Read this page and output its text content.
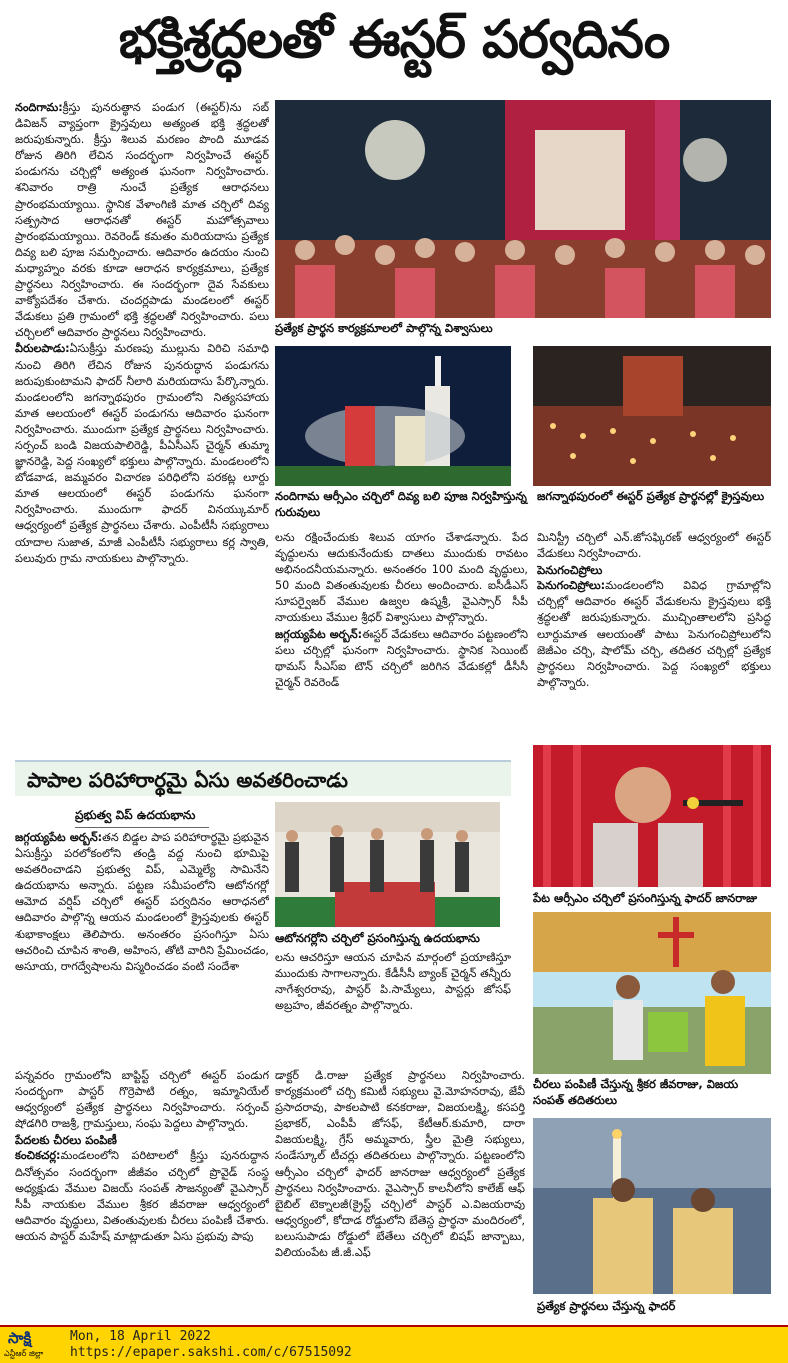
భక్తిశ్రద్ధలతో ఈస్టర్ పర్వదినం

నందిగామ:క్రీస్తు పునరుత్థాన పండుగ (ఈస్టర్)ను సబ్ డివిజన్ వ్యాప్తంగా క్రైస్తవులు అత్యంత భక్తి శ్రద్ధలతో జరుపుకున్నారు. క్రీస్తు శిలువ మరణం పొంది మూడవ రోజున తిరిగి లేచిన సందర్భంగా నిర్వహించే ఈస్టర్ పండుగను చర్చిల్లో అత్యంత ఘనంగా నిర్వహించారు. శనివారం రాత్రి నుంచే ప్రత్యేక ఆరాధనలు ప్రారంభమయ్యాయి. స్థానిక వేళాంగిణి మాత చర్చిలో దివ్య సత్ప్రసాద ఆరాధనతో ఈస్టర్ మహోత్సవాలు ప్రారంభమయ్యాయి. రెవరెండ్ కమతం మరియదాసు ప్రత్యేక దివ్య బలి పూజ సమర్పించారు. ఆదివారం ఉదయం నుంచి మధ్యాహ్నం వరకు కూడా ఆరాధన కార్యక్రమాలు, ప్రత్యేక ప్రార్థనలు నిర్వహించారు. ఈ సందర్భంగా దైవ సేవకులు వాక్యోపదేశం చేశారు. చందర్లపాడు మండలంలో ఈస్టర్ వేడుకలు ప్రతి గ్రామంలో భక్తి శ్రద్ధలతో నిర్వహించారు. పలు చర్చిలలో ఆదివారం ప్రార్థనలు నిర్వహించారు.

వీరులపాడు:ఏసుక్రీస్తు మరణపు ముల్లును విరిచి సమాధి నుంచి తిరిగి లేచిన రోజున పునరుద్ధాన పండుగను జరుపుకుంటామని ఫాదర్ నీలారి మరియదాసు పేర్కొన్నారు. మండలంలోని జగన్నాథపురం గ్రామంలోని నిత్యసహాయ మాత ఆలయంలో ఈస్టర్ పండుగను ఆదివారం ఘనంగా నిర్వహించారు. ముందుగా ప్రత్యేక ప్రార్థనలు నిర్వహించారు. సర్పంచ్ బండి విజయపాలిరెడ్డి, పీఏసీఎస్ చైర్మన్ తుమ్మా జ్ఞానరెడ్డి, పెద్ద సంఖ్యలో భక్తులు పాల్గొన్నారు. మండలంలోని బోడవాడ, జమ్మవరం విచారణ పరిధిలోని పరకట్ల లూర్దు మాత ఆలయంలో ఈస్టర్ పండుగను ఘనంగా నిర్వహించారు. ముందుగా ఫాదర్ వినయ్కుమార్ ఆధ్వర్యంలో ప్రత్యేక ప్రార్థనలు చేశారు. ఎంపీటీసీ సభ్యురాలు యాదాల సుజాత, మాజీ ఎంపీటీసీ సభ్యురాలు కర్ల స్వాతి, పలువురు గ్రామ నాయకులు పాల్గొన్నారు.

ప్రత్యేక ప్రార్థన కార్యక్రమాలలో పాల్గొన్న విశ్వాసులు
నందిగామ ఆర్సీఎం చర్చిలో దివ్య బలి పూజ నిర్వహిస్తున్న గురువులు
జగన్నాథపురంలో ఈస్టర్ ప్రత్యేక ప్రార్థనల్లో క్రైస్తవులు

లను రక్షించేందుకు శిలువ యాగం చేశాడన్నారు. పేద వృద్ధులను ఆదుకునేందుకు దాతలు ముందుకు రావటం అభినందనీయమన్నారు. అనంతరం 100 మంది వృద్ధులు, 50 మంది వితంతువులకు చీరలు అందించారు. ఐసీడీఎస్ సూపర్వైజర్ వేముల ఉజ్వల ఉష్మశ్రీ, వైఎస్సార్ సీపీ నాయకులు వేముల శ్రీధర్ విశ్వాసులు పాల్గొన్నారు.

జగ్గయ్యపేట అర్బన్:ఈస్టర్ వేడుకలు ఆదివారం పట్టణంలోని పలు చర్చిల్లో ఘనంగా నిర్వహించారు. స్థానిక సెయింట్ థామస్ సీఎస్ఐ టౌన్ చర్చిలో జరిగిన వేడుకల్లో డీసీసీ చైర్మన్ రెవరెండ్

మినిస్ట్రీ చర్చిలో ఎన్.జోసఫ్కిరణ్ ఆధ్వర్యంలో ఈస్టర్ వేడుకలు నిర్వహించారు.

పెనుగంచిప్రోలు

పెనుగంచిప్రోలు:మండలంలోని వివిధ గ్రామాల్లోని చర్చిల్లో ఆదివారం ఈస్టర్ వేడుకలను క్రైస్తవులు భక్తి శ్రద్ధలతో జరుపుకున్నారు. ముచ్చింతాలలోని ప్రసిద్ధ లూర్దుమాత ఆలయంతో పాటు పెనుగంచిప్రోలులోని జెజీఎం చర్చి, షాలోమ్ చర్చి, తదితర చర్చిల్లో ప్రత్యేక ప్రార్థనలు నిర్వహించారు. పెద్ద సంఖ్యలో భక్తులు పాల్గొన్నారు.

పాపాల పరిహారార్థమై ఏసు అవతరించాడు
ప్రభుత్వ విప్ ఉదయభాను

జగ్గయ్యపేట అర్బన్:తన బిడ్డల పాప పరిహారార్థమై ప్రభువైన ఏసుక్రీస్తు పరలోకంలోని తండ్రి వద్ద నుంచి భూమిపై అవతరించాడని ప్రభుత్వ విప్, ఎమ్మెల్యే సామినేని ఉదయభాను అన్నారు. పట్టణ సమీపంలోని ఆటోనగర్లో ఆమోద వర్షిప్ చర్చిలో ఈస్టర్ పర్వదినం ఆరాధనలో ఆదివారం పాల్గొన్న ఆయన మండలంలో క్రైస్తవులకు ఈస్టర్ శుభాకాంక్షలు తెలిపారు. అనంతరం ప్రసంగిస్తూ ఏసు ఆచరించి చూపిన శాంతి, అహింస, తోటి వారిని ప్రేమించడం, అసూయ, రాగద్వేషాలను విస్మరించడం వంటి సందేశా

ఆటోనగర్లోని చర్చిలో ప్రసంగిస్తున్న ఉదయభాను

లను ఆచరిస్తూ ఆయన చూపిన మార్గంలో ప్రయాణిస్తూ ముందుకు సాగాలన్నారు. కేడీసీసీ బ్యాంక్ చైర్మన్ తన్నీరు నాగేశ్వరరావు, పాస్టర్ పి.సామ్యేలు, పాస్టర్లు జోసఫ్ అబ్రహం, జీవరత్నం పాల్గొన్నారు.

పేట ఆర్సీఎం చర్చిలో ప్రసంగిస్తున్న ఫాదర్ జానరాజు
చీరలు పంపిణీ చేస్తున్న శ్రీకర జీవరాజు, విజయ సంపత్ తదితరులు
ప్రత్యేక ప్రార్థనలు చేస్తున్న ఫాదర్

పన్నవరం గ్రామంలోని బాప్టిస్ట్ చర్చిలో ఈస్టర్ పండుగ సందర్భంగా పాస్టర్ గొర్రెపాటి రత్నం, ఇమ్మానియేల్ ఆధ్వర్యంలో ప్రత్యేక ప్రార్థనలు నిర్వహించారు. సర్పంచ్ షోడగిరి రాజశ్రీ, గ్రామస్తులు, సంఘ పెద్దలు పాల్గొన్నారు.

పేదలకు చీరలు పంపిణీ

కంచికచర్ల:మండలంలోని పరిటాలలో క్రీస్తు పునరుద్ధాన దినోత్సవం సందర్భంగా జీజీవం చర్చిలో ప్రొవైడ్ సంస్థ అధ్యక్షుడు వేముల విజయ్ సంపత్ సౌజన్యంతో వైఎస్సార్ సీపీ నాయకుల వేముల శ్రీకర జీవరాజు ఆధ్వర్యంలో ఆదివారం వృద్ధులు, వితంతువులకు చీరలు పంపిణీ చేశారు. ఆయన పాస్టర్ మహేష్ మాట్లాడుతూ ఏసు ప్రభువు పాపు

డాక్టర్ డి.రాజు ప్రత్యేక ప్రార్థనలు నిర్వహించారు. కార్యక్రమంలో చర్చి కమిటీ సభ్యులు వై.మోహనరావు, జేవీ ప్రసాదరావు, పాకలపాటి కనకరాజు, విజయలక్ష్మి, కసపర్తి ప్రభాకర్, ఎంపీపీ జోసఫ్, కేటీఆర్.కుమారి, దారా విజయలక్ష్మి, గ్రేస్ అమ్మవారు, స్త్రీల మైత్రి సభ్యులు, సండేస్కూల్ టీచర్లు తదితరులు పాల్గొన్నారు. పట్టణంలోని ఆర్సీఎం చర్చిలో ఫాదర్ జానరాజు ఆధ్వర్యంలో ప్రత్యేక ప్రార్థనలు నిర్వహించారు. వైఎస్సార్ కాలనీలోని కాలేజ్ ఆఫ్ బైబిల్ టెక్నాలజీ(క్రైస్ట్ చర్చి)లో పాస్టర్ ఎ.విజయరావు ఆధ్వర్యంలో, కోదాడ రోడ్డులోని బేతెస్ద ప్రార్థనా మందిరంలో, బలుసుపాడు రోడ్డులో బేతేలు చర్చిలో బిషప్ జాన్బాబు, విలియంపేట జీ.జీ.ఎఫ్

సాక్షి
ఎన్టీఆర్ జిల్లా
Mon, 18 April 2022
https://epaper.sakshi.com/c/67515092
